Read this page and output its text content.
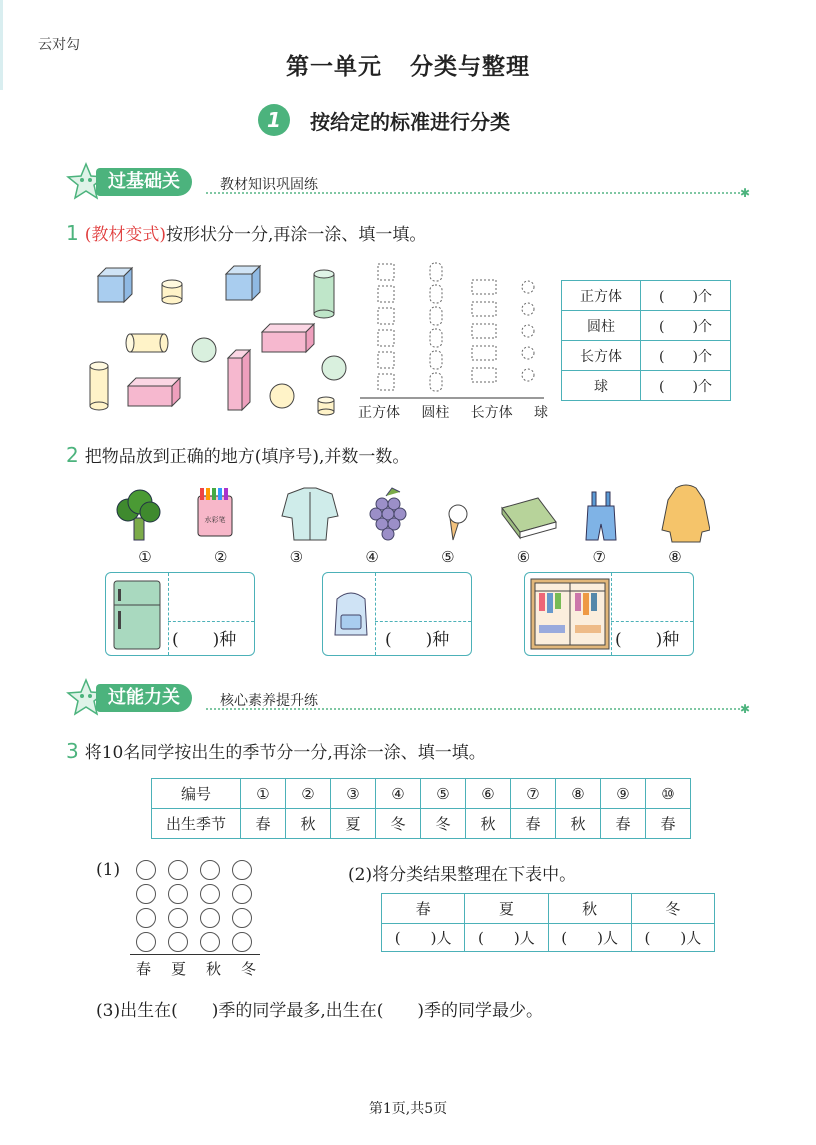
云对勾
第一单元 分类与整理
1	按给定的标准进行分类
过基础关	教材知识巩固练	✱
1 (教材变式)按形状分一分,再涂一涂、填一填。
正方体 圆柱 长方体 球
正方体	(　　)个
圆柱	(　　)个
长方体	(　　)个
球	(　　)个
2 把物品放到正确的地方(填序号),并数一数。
水彩笔
①	②	③	④	⑤	⑥	⑦	⑧
(　　)种	(　　)种	(　　)种
过能力关	核心素养提升练	✱
3 将10名同学按出生的季节分一分,再涂一涂、填一填。
编号	①	②	③	④	⑤	⑥	⑦	⑧	⑨	⑩
出生季节	春	秋	夏	冬	冬	秋	春	秋	春	春
(1)
春 夏 秋 冬
(2)将分类结果整理在下表中。
春	夏	秋	冬
(　　)人	(　　)人	(　　)人	(　　)人
(3)出生在(　　)季的同学最多,出生在(　　)季的同学最少。
第1页,共5页
